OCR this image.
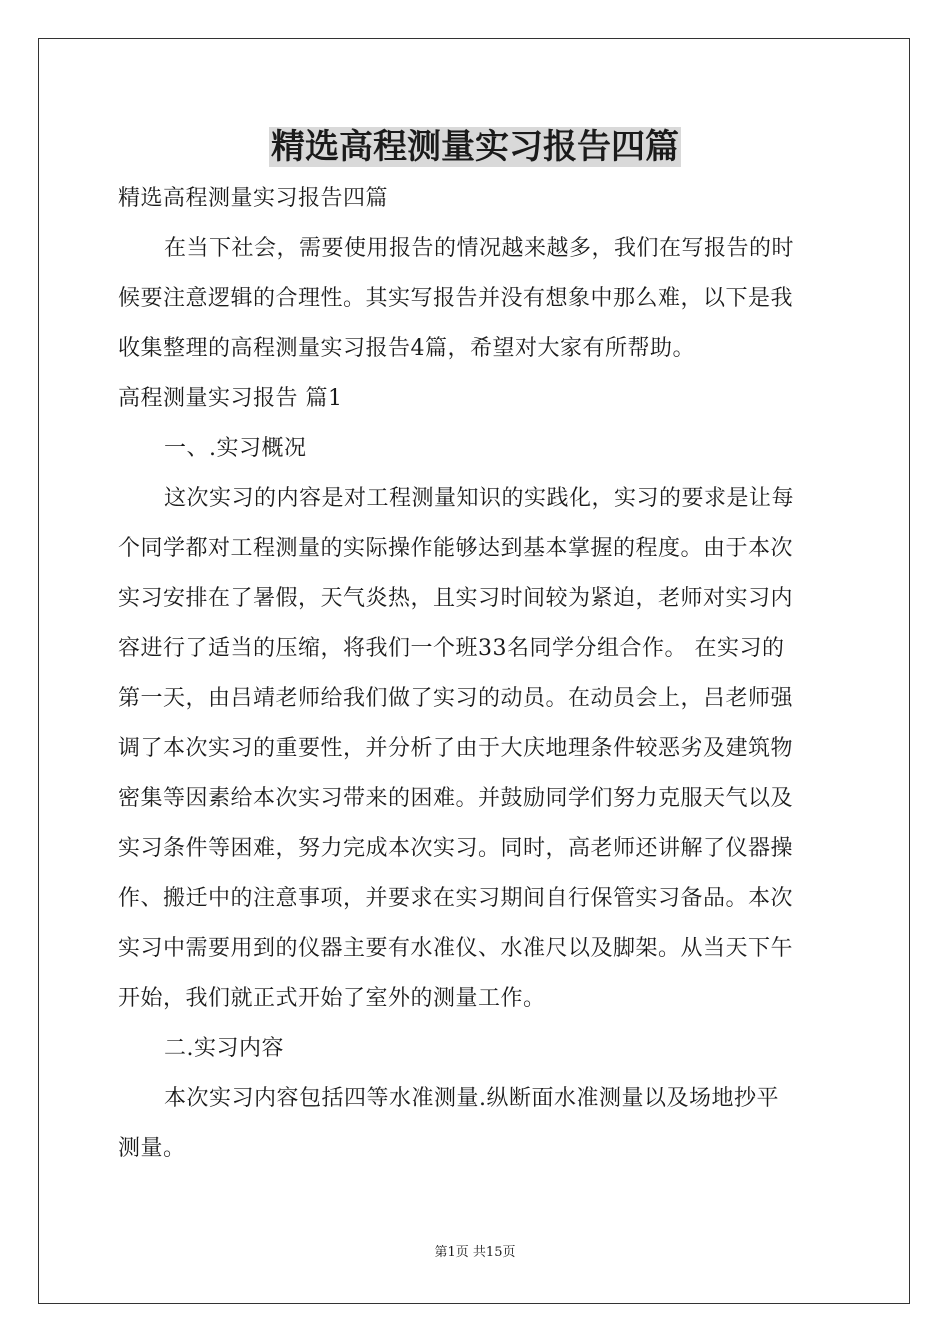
精选高程测量实习报告四篇
精选高程测量实习报告四篇
在当下社会，需要使用报告的情况越来越多，我们在写报告的时
候要注意逻辑的合理性。其实写报告并没有想象中那么难，以下是我
收集整理的高程测量实习报告4篇，希望对大家有所帮助。
高程测量实习报告 篇1
一、.实习概况
这次实习的内容是对工程测量知识的实践化，实习的要求是让每
个同学都对工程测量的实际操作能够达到基本掌握的程度。由于本次
实习安排在了暑假，天气炎热，且实习时间较为紧迫，老师对实习内
容进行了适当的压缩，将我们一个班33名同学分组合作。 在实习的
第一天，由吕靖老师给我们做了实习的动员。在动员会上，吕老师强
调了本次实习的重要性，并分析了由于大庆地理条件较恶劣及建筑物
密集等因素给本次实习带来的困难。并鼓励同学们努力克服天气以及
实习条件等困难，努力完成本次实习。同时，高老师还讲解了仪器操
作、搬迁中的注意事项，并要求在实习期间自行保管实习备品。本次
实习中需要用到的仪器主要有水准仪、水准尺以及脚架。从当天下午
开始，我们就正式开始了室外的测量工作。
二.实习内容
本次实习内容包括四等水准测量.纵断面水准测量以及场地抄平
测量。
第1页 共15页
